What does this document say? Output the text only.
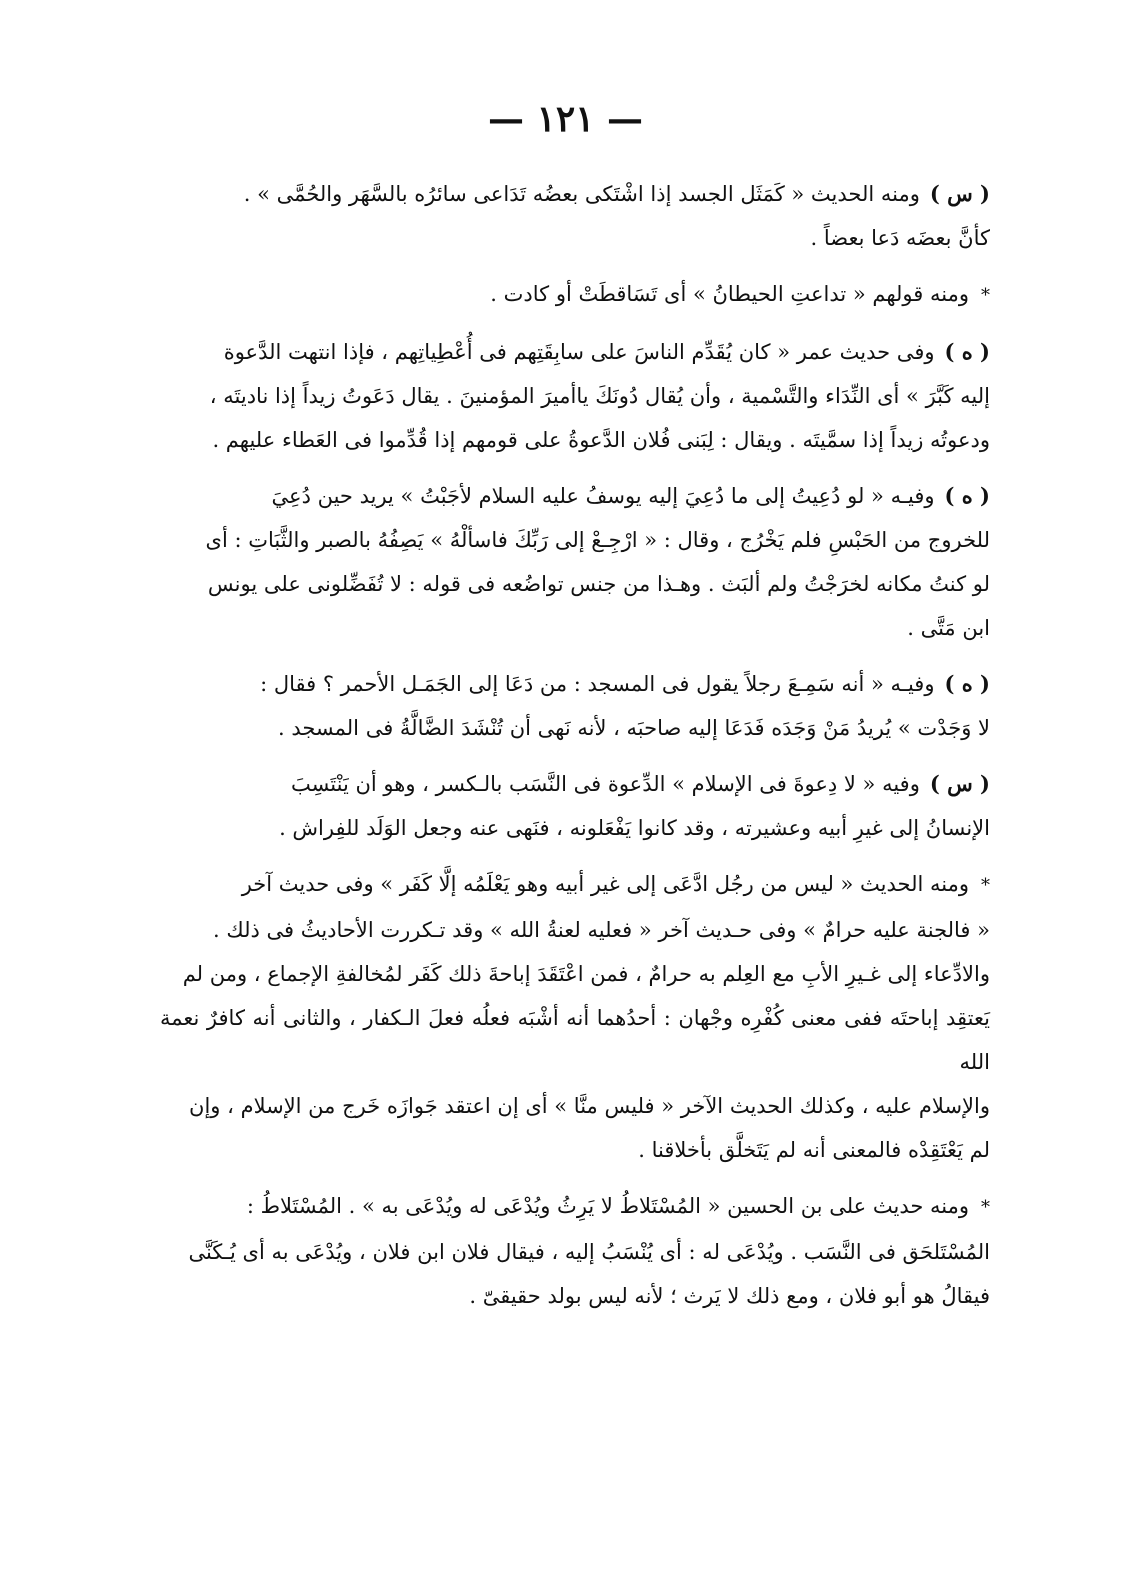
— ١٢١ —
( س )ومنه الحديث « كَمَثَل الجسد إذا اشْتَكى بعضُه تَدَاعى سائرُه بالسَّهَر والحُمَّى » .
كأنَّ بعضَه دَعا بعضاً .
*ومنه قولهم « تداعتِ الحيطانُ » أى تَسَاقطَتْ أو كادت .
( ه )وفى حديث عمر « كان يُقَدِّم الناسَ على سابِقَتِهم فى أُعْطِياتِهم ، فإذا انتهت الدَّعوة
إليه كَبَّرَ » أى النِّدَاء والتَّسْمية ، وأن يُقال دُونَكَ ياأميرَ المؤمنينَ . يقال دَعَوتُ زيداً إذا ناديتَه ،
ودعوتُه زيداً إذا سمَّيتَه . ويقال : لِبَنى فُلان الدَّعوةُ على قومهم إذا قُدِّموا فى العَطاء عليهم .
( ه )وفيـه « لو دُعِيتُ إلى ما دُعِيَ إليه يوسفُ عليه السلام لأجَبْتُ » يريد حين دُعِيَ
للخروج من الحَبْسِ فلم يَخْرُج ، وقال : « ارْجِـعْ إلى رَبِّكَ فاسألْهُ » يَصِفُهُ بالصبر والثَّبَاتِ : أى
لو كنتُ مكانه لخرَجْتُ ولم ألبَث . وهـذا من جنس تواضُعه فى قوله : لا تُفَضِّلونى على يونس
ابن مَتَّى .
( ه )وفيـه « أنه سَمِـعَ رجلاً يقول فى المسجد : من دَعَا إلى الجَمَـل الأحمر ؟ فقال :
لا وَجَدْت » يُريدُ مَنْ وَجَدَه فَدَعَا إليه صاحبَه ، لأنه نَهى أن تُنْشَدَ الضَّالَّةُ فى المسجد .
( س )وفيه « لا دِعوةَ فى الإسلام » الدِّعوة فى النَّسَب بالـكسر ، وهو أن يَنْتَسِبَ
الإنسانُ إلى غيرِ أبيه وعشيرته ، وقد كانوا يَفْعَلونه ، فنَهى عنه وجعل الوَلَد للفِراش .
*ومنه الحديث « ليس من رجُل ادَّعَى إلى غير أبيه وهو يَعْلَمُه إلَّا كَفَر » وفى حديث آخر
« فالجنة عليه حرامٌ » وفى حـديث آخر « فعليه لعنةُ الله » وقد تـكررت الأحاديثُ فى ذلك .
والادِّعاء إلى غـيرِ الأبِ مع العِلم به حرامٌ ، فمن اعْتَقَدَ إباحةَ ذلك كَفَر لمُخالفةِ الإجماع ، ومن لم
يَعتقِد إباحتَه ففى معنى كُفْرِه وجْهان : أحدُهما أنه أشْبَه فعلُه فعلَ الـكفار ، والثانى أنه كافرٌ نعمة الله
والإسلام عليه ، وكذلك الحديث الآخر « فليس منَّا » أى إن اعتقد جَوازَه خَرج من الإسلام ، وإن
لم يَعْتَقِدْه فالمعنى أنه لم يَتَخلَّق بأخلاقنا .
*ومنه حديث على بن الحسين « المُسْتَلاطُ لا يَرِثُ ويُدْعَى له ويُدْعَى به » . المُسْتَلاطُ :
المُسْتَلحَق فى النَّسَب . ويُدْعَى له : أى يُنْسَبُ إليه ، فيقال فلان ابن فلان ، ويُدْعَى به أى يُـكَنَّى
فيقالُ هو أبو فلان ، ومع ذلك لا يَرث ؛ لأنه ليس بولد حقيقىّ .
